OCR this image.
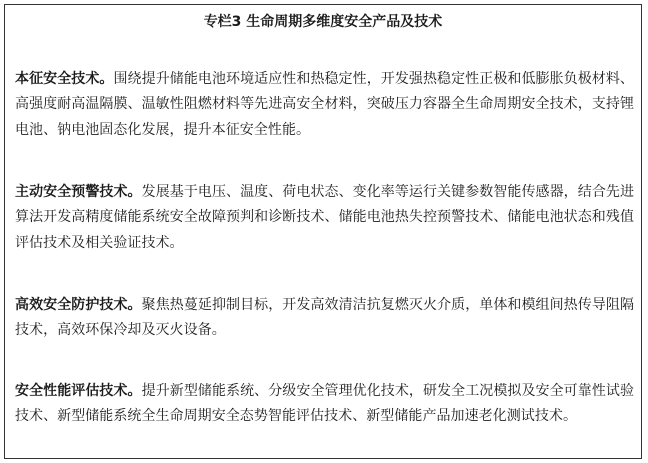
专栏3 生命周期多维度安全产品及技术
本征安全技术。围绕提升储能电池环境适应性和热稳定性，开发强热稳定性正极和低膨胀负极材料、高强度耐高温隔膜、温敏性阻燃材料等先进高安全材料，突破压力容器全生命周期安全技术，支持锂电池、钠电池固态化发展，提升本征安全性能。
主动安全预警技术。发展基于电压、温度、荷电状态、变化率等运行关键参数智能传感器，结合先进算法开发高精度储能系统安全故障预判和诊断技术、储能电池热失控预警技术、储能电池状态和残值评估技术及相关验证技术。
高效安全防护技术。聚焦热蔓延抑制目标，开发高效清洁抗复燃灭火介质，单体和模组间热传导阻隔技术，高效环保冷却及灭火设备。
安全性能评估技术。提升新型储能系统、分级安全管理优化技术，研发全工况模拟及安全可靠性试验技术、新型储能系统全生命周期安全态势智能评估技术、新型储能产品加速老化测试技术。
